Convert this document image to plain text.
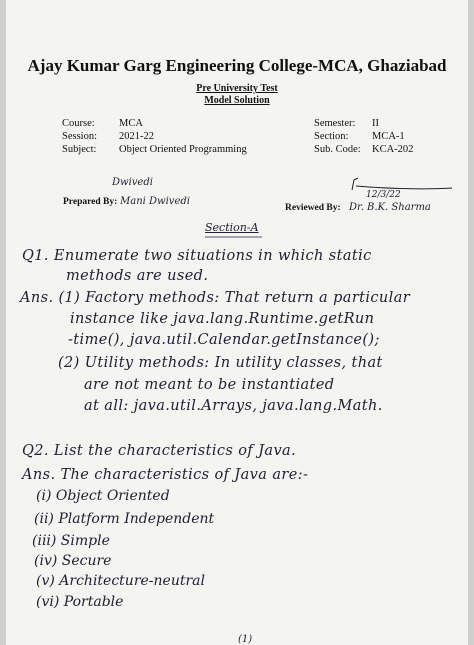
Ajay Kumar Garg Engineering College-MCA, Ghaziabad
Pre University Test
Model Solution
Course: MCA
Session: 2021-22
Subject: Object Oriented Programming
Semester: II
Section: MCA-1
Sub. Code: KCA-202
Dwivedi
Prepared By: Mani Dwivedi
12/3/22
Reviewed By: Dr. B.K. Sharma
Section-A
Q1. Enumerate two situations in which static
methods are used.
Ans. (1) Factory methods: That return a particular
instance like java.lang.Runtime.getRun
-time(), java.util.Calendar.getInstance();
(2) Utility methods: In utility classes, that
are not meant to be instantiated
at all: java.util.Arrays, java.lang.Math.
Q2. List the characteristics of Java.
Ans. The characteristics of Java are:-
(i) Object Oriented
(ii) Platform Independent
(iii) Simple
(iv) Secure
(v) Architecture-neutral
(vi) Portable
(1)
